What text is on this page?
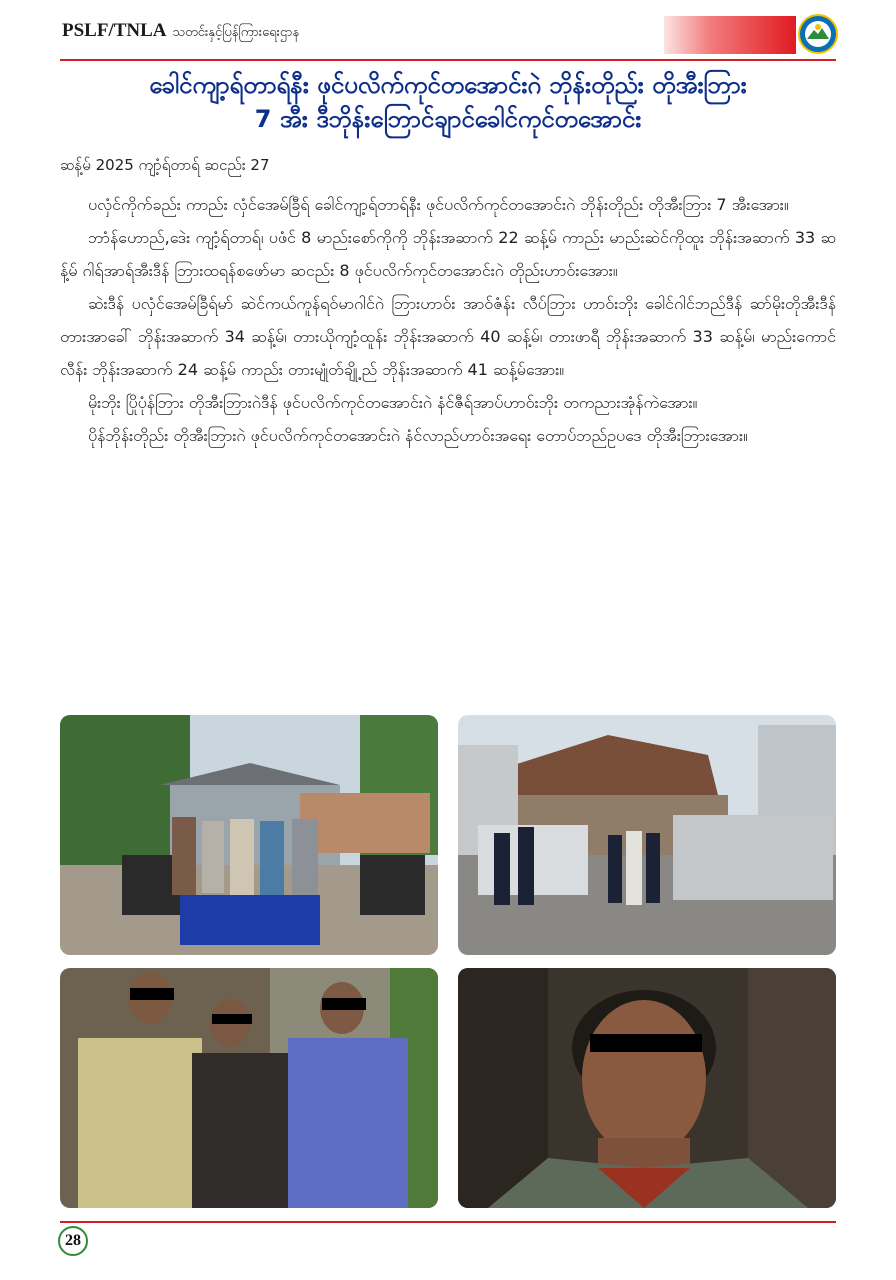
PSLF/TNLA သတင်းနှင့်ပြန်ကြားရေးဌာန
ခေါင်ကျာ့ရ်တာရ်နီး ဖုင်ပလိက်ကုင်တအောင်းဂဲ ဘိုန်းတိုည်း တိုအီးဘြား
7 အီး ဒီဘိုန်းဘြောင်ချာင်ခေါင်ကုင်တအောင်း
ဆန့်မ် 2025 ကျာံ့ရ်တာရ် ဆငည်း 27

ပလှံင်ကိုက်ခည်း ကာည်း လှံင်အေမ်ခြီရ် ခေါင်ကျာ့ရ်တာရ်နီး ဖုင်ပလိက်ကုင်တအောင်းဂဲ ဘိုန်းတိုည်း တိုအီးဘြား 7 အီးအေား။

ဘာံန်ဟောည်,ဒေဲး ကျာံ့ရ်တာရ်၊ ပဖံင် 8 မာည်းစော်ကိုကို ဘိုန်းအဆာက် 22 ဆန့်မ် ကာည်း မာည်းဆဲင်ကိုထူး ဘိုန်းအဆာက် 33 ဆန့်မ် ဂါရ်အာရ်အီးဒီန် ဘြားထရန်စဖော်မာ ဆငည်း 8 ဖုင်ပလိက်ကုင်တအောင်းဂဲ တိုည်းဟာဝ်းအေား။

ဆဲးဒီန် ပလှံင်အေမ်ခြီရ်မာ် ဆဲင်ကယ်ကူန်ရဝ်မာဂါင်ဂဲ ဘြားဟာဝ်း အာဝ်ဇံန်း လီပ်ဘြား ဟာဝ်းဘိုး ခေါင်ဂါင်ဘည်ဒီန် ဆာ်မိုးတိုအီးဒီန် တားအာခေါ် ဘိုန်းအဆာက် 34 ဆန့်မ်၊ တားယိုကျာံ့ထူန်း ဘိုန်းအဆာက် 40 ဆန့်မ်၊ တားဖာရီ ဘိုန်းအဆာက် 33 ဆန့်မ်၊ မာည်းကောင်လီန်း ဘိုန်းအဆာက် 24 ဆန့်မ် ကာည်း တားမျုံတ်ချို့ည် ဘိုန်းအဆာက် 41 ဆန့်မ်အေား။

မိုးဘိုး ပြိုပုံန်ဘြား တိုအီးဘြားဂဲဒီန် ဖုင်ပလိက်ကုင်တအောင်းဂဲ နံင်ဇီရ်အာပ်ဟာဝ်းဘိုး တကညားအုံန်ကဲအေား။

ပိုန်ဘိုန်းတိုည်း တိုအီးဘြားဂဲ ဖုင်ပလိက်ကုင်တအောင်းဂဲ နံင်လာည်ဟာဝ်းအရေး တောပ်ဘည်ဥပဒေ တိုအီးဘြားအေား။

28
